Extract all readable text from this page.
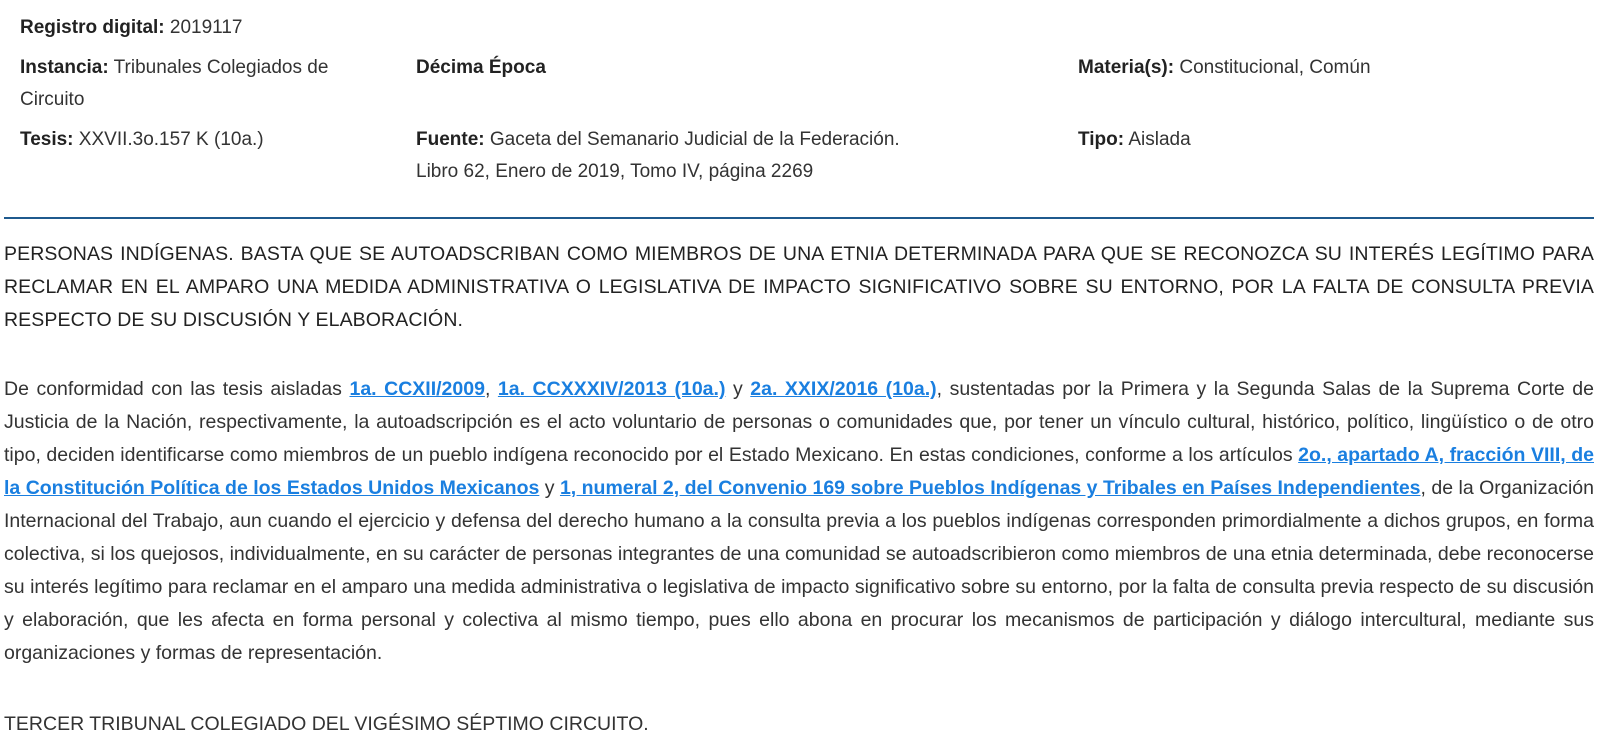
Registro digital: 2019117
Instancia: Tribunales Colegiados de Circuito
Décima Época	Materia(s): Constitucional, Común
Tesis: XXVII.3o.157 K (10a.)	Fuente: Gaceta del Semanario Judicial de la Federación. Libro 62, Enero de 2019, Tomo IV, página 2269
Tipo: Aislada
PERSONAS INDÍGENAS. BASTA QUE SE AUTOADSCRIBAN COMO MIEMBROS DE UNA ETNIA DETERMINADA PARA QUE SE RECONOZCA SU INTERÉS LEGÍTIMO PARA RECLAMAR EN EL AMPARO UNA MEDIDA ADMINISTRATIVA O LEGISLATIVA DE IMPACTO SIGNIFICATIVO SOBRE SU ENTORNO, POR LA FALTA DE CONSULTA PREVIA RESPECTO DE SU DISCUSIÓN Y ELABORACIÓN.
De conformidad con las tesis aisladas 1a. CCXII/2009, 1a. CCXXXIV/2013 (10a.) y 2a. XXIX/2016 (10a.), sustentadas por la Primera y la Segunda Salas de la Suprema Corte de Justicia de la Nación, respectivamente, la autoadscripción es el acto voluntario de personas o comunidades que, por tener un vínculo cultural, histórico, político, lingüístico o de otro tipo, deciden identificarse como miembros de un pueblo indígena reconocido por el Estado Mexicano. En estas condiciones, conforme a los artículos 2o., apartado A, fracción VIII, de la Constitución Política de los Estados Unidos Mexicanos y 1, numeral 2, del Convenio 169 sobre Pueblos Indígenas y Tribales en Países Independientes, de la Organización Internacional del Trabajo, aun cuando el ejercicio y defensa del derecho humano a la consulta previa a los pueblos indígenas corresponden primordialmente a dichos grupos, en forma colectiva, si los quejosos, individualmente, en su carácter de personas integrantes de una comunidad se autoadscribieron como miembros de una etnia determinada, debe reconocerse su interés legítimo para reclamar en el amparo una medida administrativa o legislativa de impacto significativo sobre su entorno, por la falta de consulta previa respecto de su discusión y elaboración, que les afecta en forma personal y colectiva al mismo tiempo, pues ello abona en procurar los mecanismos de participación y diálogo intercultural, mediante sus organizaciones y formas de representación.
TERCER TRIBUNAL COLEGIADO DEL VIGÉSIMO SÉPTIMO CIRCUITO.
